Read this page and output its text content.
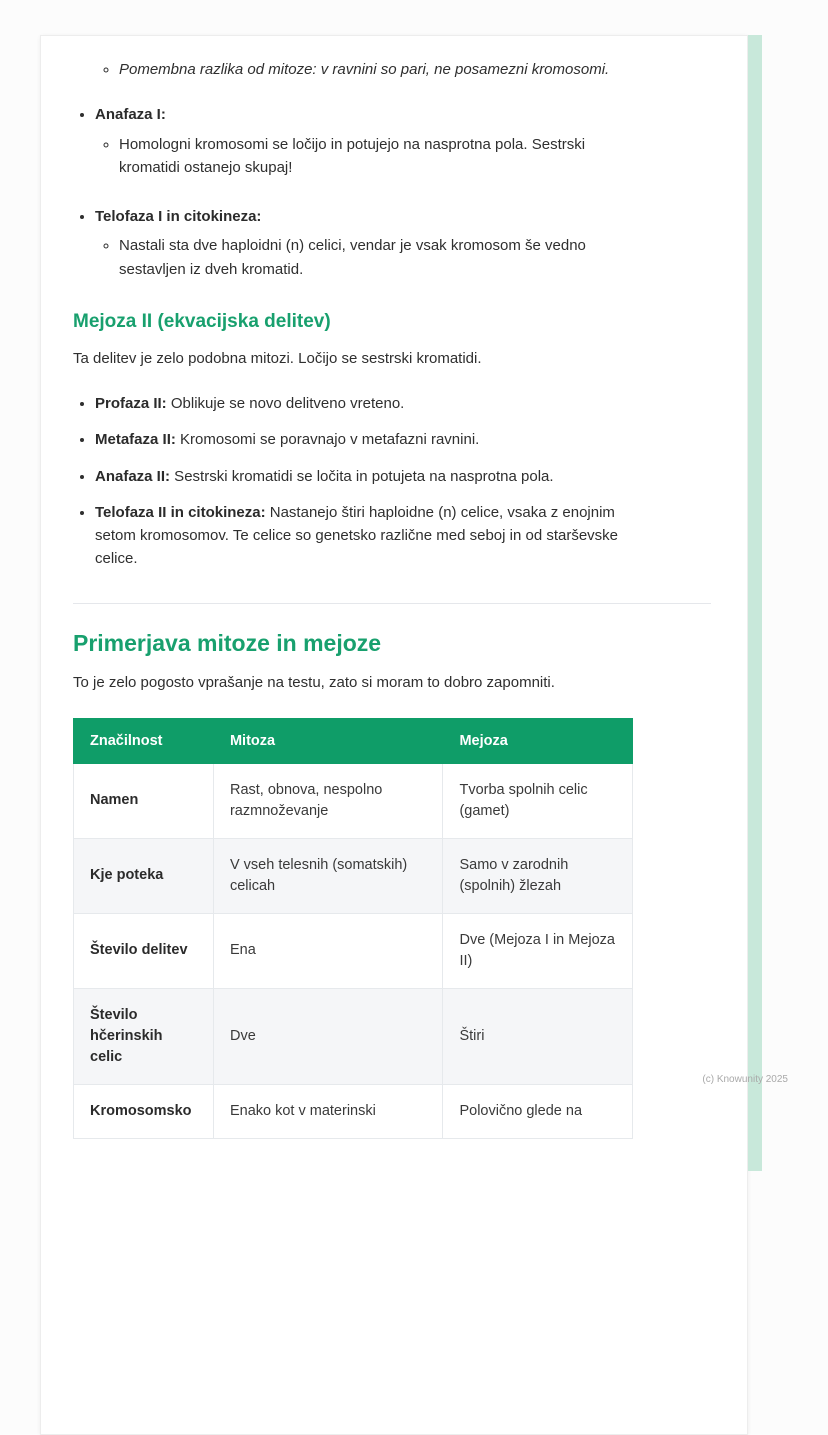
◦ Pomembna razlika od mitoze: v ravnini so pari, ne posamezni kromosomi.
• Anafaza I:
◦ Homologni kromosomi se ločijo in potujejo na nasprotna pola. Sestrski kromatidi ostanejo skupaj!
• Telofaza I in citokineza:
◦ Nastali sta dve haploidni (n) celici, vendar je vsak kromosom še vedno sestavljen iz dveh kromatid.
Mejoza II (ekvacijska delitev)

Ta delitev je zelo podobna mitozi. Ločijo se sestrski kromatidi.

• Profaza II: Oblikuje se novo delitveno vreteno.
• Metafaza II: Kromosomi se poravnajo v metafazni ravnini.
• Anafaza II: Sestrski kromatidi se ločita in potujeta na nasprotna pola.
• Telofaza II in citokineza: Nastanejo štiri haploidne (n) celice, vsaka z enojnim setom kromosomov. Te celice so genetsko različne med seboj in od starševske celice.
Primerjava mitoze in mejoze

To je zelo pogosto vprašanje na testu, zato si moram to dobro zapomniti.

Značilnost	Mitoza	Mejoza
Namen	Rast, obnova, nespolno razmnoževanje	Tvorba spolnih celic (gamet)
Kje poteka	V vseh telesnih (somatskih) celicah	Samo v zarodnih (spolnih) žlezah
Število delitev	Ena	Dve (Mejoza I in Mejoza II)
Število hčerinskih celic	Dve	Štiri
Kromosomsko	Enako kot v materinski	Polovično glede na
(c) Knowunity 2025
